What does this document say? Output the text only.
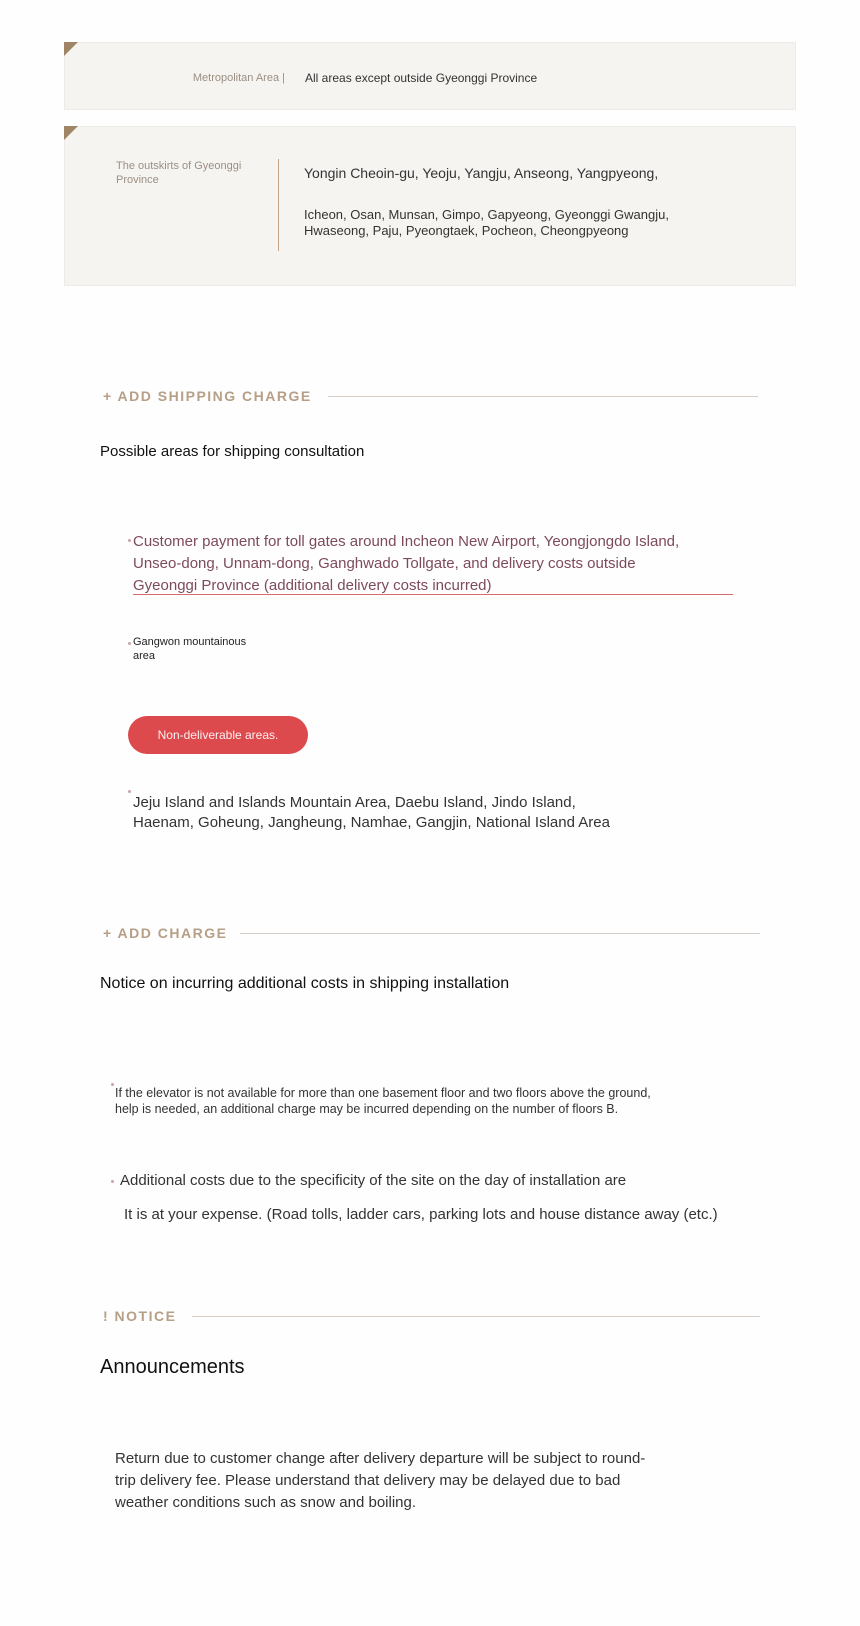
Metropolitan Area | All areas except outside Gyeonggi Province
The outskirts of Gyeonggi Province	Yongin Cheoin-gu, Yeoju, Yangju, Anseong, Yangpyeong,
Icheon, Osan, Munsan, Gimpo, Gapyeong, Gyeonggi Gwangju,
Hwaseong, Paju, Pyeongtaek, Pocheon, Cheongpyeong
+ ADD SHIPPING CHARGE
Possible areas for shipping consultation
Customer payment for toll gates around Incheon New Airport, Yeongjongdo Island,
Unseo-dong, Unnam-dong, Ganghwado Tollgate, and delivery costs outside
Gyeonggi Province (additional delivery costs incurred)
Gangwon mountainous area
Non-deliverable areas.
Jeju Island and Islands Mountain Area, Daebu Island, Jindo Island,
Haenam, Goheung, Jangheung, Namhae, Gangjin, National Island Area
+ ADD CHARGE
Notice on incurring additional costs in shipping installation
If the elevator is not available for more than one basement floor and two floors above the ground,
help is needed, an additional charge may be incurred depending on the number of floors B.
Additional costs due to the specificity of the site on the day of installation are
It is at your expense. (Road tolls, ladder cars, parking lots and house distance away (etc.)
! NOTICE
Announcements
Return due to customer change after delivery departure will be subject to round-
trip delivery fee. Please understand that delivery may be delayed due to bad
weather conditions such as snow and boiling.
